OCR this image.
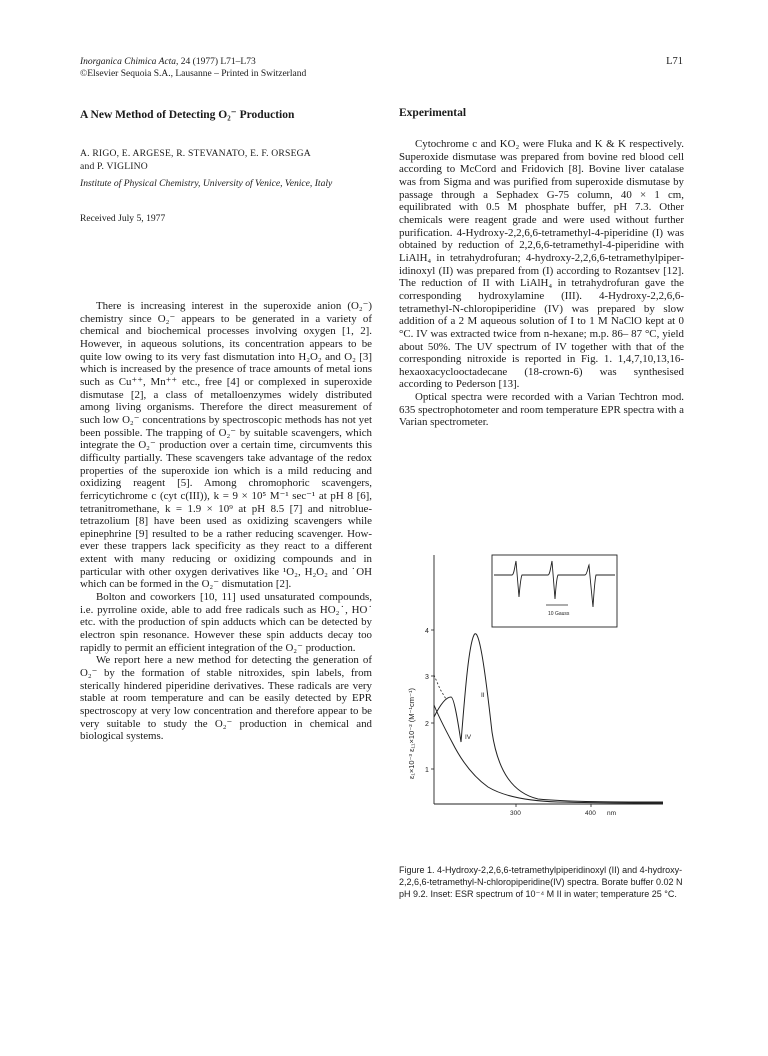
Inorganica Chimica Acta, 24 (1977) L71–L73
©Elsevier Sequoia S.A., Lausanne – Printed in Switzerland
L71
A New Method of Detecting O₂⁻ Production
A. RIGO, E. ARGESE, R. STEVANATO, E. F. ORSEGA
and P. VIGLINO
Institute of Physical Chemistry, University of Venice, Venice, Italy
Received July 5, 1977
Experimental

There is increasing interest in the superoxide anion (O₂⁻) chemistry since O₂⁻ appears to be generated in a variety of chemical and biochemical processes involving oxygen [1, 2]. However, in aqueous solutions, its concentration appears to be quite low owing to its very fast dismutation into H₂O₂ and O₂ [3] which is increased by the presence of trace amounts of metal ions such as Cu⁺⁺, Mn⁺⁺ etc., free [4] or complexed in superoxide dismutase [2], a class of metalloenzymes widely distributed among living organisms. Therefore the direct measurement of such low O₂⁻ concentrations by spectroscopic methods has not yet been possible. The trapping of O₂⁻ by suitable scavengers, which integrate the O₂⁻ production over a certain time, circumvents this difficulty partially. These scavengers take advantage of the redox properties of the superoxide ion which is a mild reducing and oxidizing reagent [5]. Among chromophoric scavengers, ferricytichrome c (cyt c(III)), k = 9 × 10⁵ M⁻¹ sec⁻¹ at pH 8 [6], tetranitromethane, k = 1.9 × 10⁹ at pH 8.5 [7] and nitroblue-tetrazolium [8] have been used as oxidizing scavengers while epinephrine [9] resulted to be a rather reducing scavenger. However these trappers lack specificity as they react to a different extent with many reducing or oxidizing compounds and in particular with other oxygen derivatives like ¹O₂, H₂O₂ and ˙OH which can be formed in the O₂⁻ dismutation [2].

Bolton and coworkers [10, 11] used unsaturated compounds, i.e. pyrroline oxide, able to add free radicals such as HO₂˙, HO˙ etc. with the production of spin adducts which can be detected by electron spin resonance. However these spin adducts decay too rapidly to permit an efficient integration of the O₂⁻ production.

We report here a new method for detecting the generation of O₂⁻ by the formation of stable nitroxides, spin labels, from sterically hindered piperidine derivatives. These radicals are very stable at room temperature and can be easily detected by EPR spectroscopy at very low concentration and therefore appear to be very suitable to study the O₂⁻ production in chemical and biological systems.

Cytochrome c and KO₂ were Fluka and K & K respectively. Superoxide dismutase was prepared from bovine red blood cell according to McCord and Fridovich [8]. Bovine liver catalase was from Sigma and was purified from superoxide dismutase by passage through a Sephadex G-75 column, 40 × 1 cm, equilibrated with 0.5 M phosphate buffer, pH 7.3. Other chemicals were reagent grade and were used without further purification. 4-Hydroxy-2,2,6,6-tetramethyl-4-piperidine (I) was obtained by reduction of 2,2,6,6-tetramethyl-4-piperidine with LiAlH₄ in tetrahydrofuran; 4-hydroxy-2,2,6,6-tetramethylpiperidinoxyl (II) was prepared from (I) according to Rozantsev [12]. The reduction of II with LiAlH₄ in tetrahydrofuran gave the corresponding hydroxylamine (III). 4-Hydroxy-2,2,6,6-tetramethyl-N-chloropiperidine (IV) was prepared by slow addition of a 2 M aqueous solution of I to 1 M NaClO kept at 0 °C. IV was extracted twice from n-hexane; m.p. 86– 87 °C, yield about 50%. The UV spectrum of IV together with that of the corresponding nitroxide is reported in Fig. 1. 1,4,7,10,13,16-hexaoxacyclooctadecane (18-crown-6) was synthesised according to Pederson [13].

Optical spectra were recorded with a Varian Techtron mod. 635 spectrophotometer and room temperature EPR spectra with a Varian spectrometer.

4
3
2
1
ε₁×10⁻³ ε₁₁×10⁻² (M⁻¹cm⁻¹)
300	400 nm
II
IV
10 Gauss
Figure 1. 4-Hydroxy-2,2,6,6-tetramethylpiperidinoxyl (II) and 4-hydroxy-2,2,6,6-tetramethyl-N-chloropiperidine(IV) spectra. Borate buffer 0.02 N pH 9.2. Inset: ESR spectrum of 10⁻⁴ M II in water; temperature 25 °C.
